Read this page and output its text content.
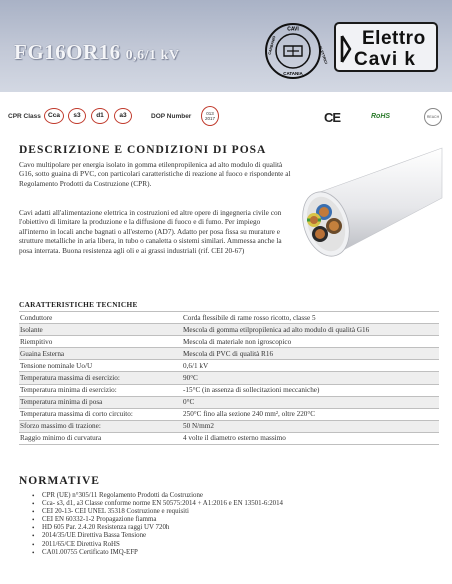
FG16OR16 0,6/1 kV
CAVI
CATANIA
CARBANIO	ELETTRICI
Elettro
Cavi k
CPR Class	Cca	s3	d1	a3	DOP Number	013
2017	CE	RoHS	REACH
DESCRIZIONE E CONDIZIONI DI POSA

Cavo multipolare per energia isolato in gomma etilenpropilenica ad alto modulo di qualità G16, sotto guaina di PVC, con particolari caratteristiche di reazione al fuoco e rispondente al Regolamento Prodotti da Costruzione (CPR).

Cavi adatti all'alimentazione elettrica in costruzioni ed altre opere di ingegneria civile con l'obiettivo di limitare la produzione e la diffusione di fuoco e di fumo. Per impiego all'interno in locali anche bagnati o all'esterno (AD7). Adatto per posa fissa su murature e strutture metalliche in aria libera, in tubo o canaletta o sistemi similari. Ammessa anche la posa interrata. Buona resistenza agli oli e ai grassi industriali (rif. CEI 20-67)

CARATTERISTICHE TECNICHE
Conduttore	Corda flessibile di rame rosso ricotto, classe 5
Isolante	Mescola di gomma etilpropilenica ad alto modulo di qualità G16
Riempitivo	Mescola di materiale non igroscopico
Guaina Esterna	Mescola di PVC di qualità R16
Tensione nominale Uo/U	0,6/1 kV
Temperatura massima di esercizio:	90°C
Temperatura minima di esercizio:	-15°C (in assenza di sollecitazioni meccaniche)
Temperatura minima di posa	0°C
Temperatura massima di corto circuito:	250°C fino alla sezione 240 mm², oltre 220°C
Sforzo massimo di trazione:	50 N/mm2
Raggio minimo di curvatura	4 volte il diametro esterno massimo
NORMATIVE
• CPR (UE) n°305/11 Regolamento Prodotti da Costruzione
• Cca- s3, d1, a3 Classe conforme norme EN 50575:2014 + A1:2016 e EN 13501-6:2014
• CEI 20-13- CEI UNEL 35318 Costruzione e requisiti
• CEI EN 60332-1-2 Propagazione fiamma
• HD 605 Par. 2.4.20 Resistenza raggi UV 720h
• 2014/35/UE Direttiva Bassa Tensione
• 2011/65/CE Direttiva RoHS
• CA01.00755 Certificato IMQ-EFP
